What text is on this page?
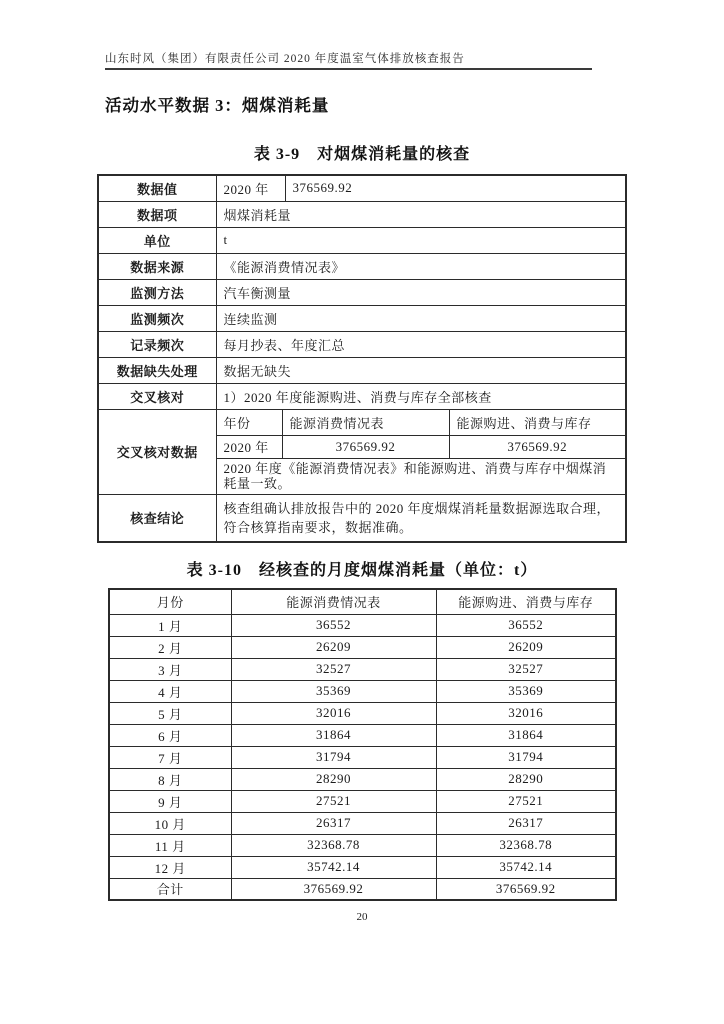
山东时风（集团）有限责任公司 2020 年度温室气体排放核查报告
活动水平数据 3：烟煤消耗量
表 3-9　对烟煤消耗量的核查
数据值	2020 年		376569.92	
数据项	烟煤消耗量			
单位	t			
数据来源	《能源消费情况表》			
监测方法	汽车衡测量			
监测频次	连续监测			
记录频次	每月抄表、年度汇总			
数据缺失处理	数据无缺失			
交叉核对	1）2020 年度能源购进、消费与库存全部核查			
交叉核对数据	年份	能源消费情况表		能源购进、消费与库存
	2020 年	376569.92		376569.92
	2020 年度《能源消费情况表》和能源购进、消费与库存中烟煤消耗量一致。			
核查结论	核查组确认排放报告中的 2020 年度烟煤消耗量数据源选取合理，符合核算指南要求，数据准确。			
表 3-10　经核查的月度烟煤消耗量（单位：t）
月份	能源消费情况表	能源购进、消费与库存
1 月	36552	36552
2 月	26209	26209
3 月	32527	32527
4 月	35369	35369
5 月	32016	32016
6 月	31864	31864
7 月	31794	31794
8 月	28290	28290
9 月	27521	27521
10 月	26317	26317
11 月	32368.78	32368.78
12 月	35742.14	35742.14
合计	376569.92	376569.92
20
